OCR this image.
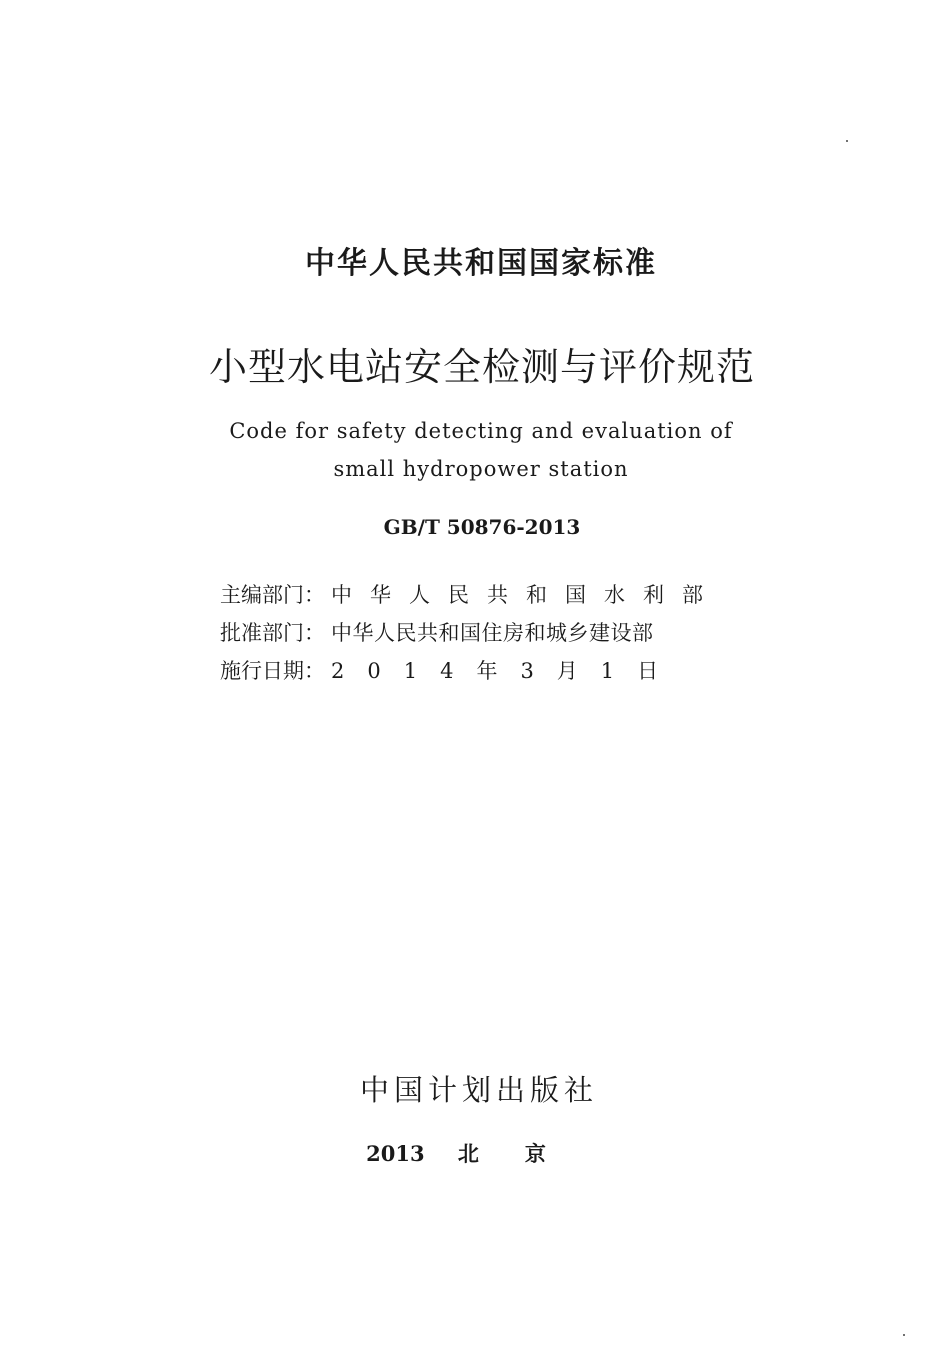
中华人民共和国国家标准
小型水电站安全检测与评价规范
Code for safety detecting and evaluation of
small hydropower station
GB/T 50876-2013
主编部门： 中华人民共和国水利部
批准部门： 中华人民共和国住房和城乡建设部
施行日期： 2014年3月1日
中国计划出版社
2013 北京
